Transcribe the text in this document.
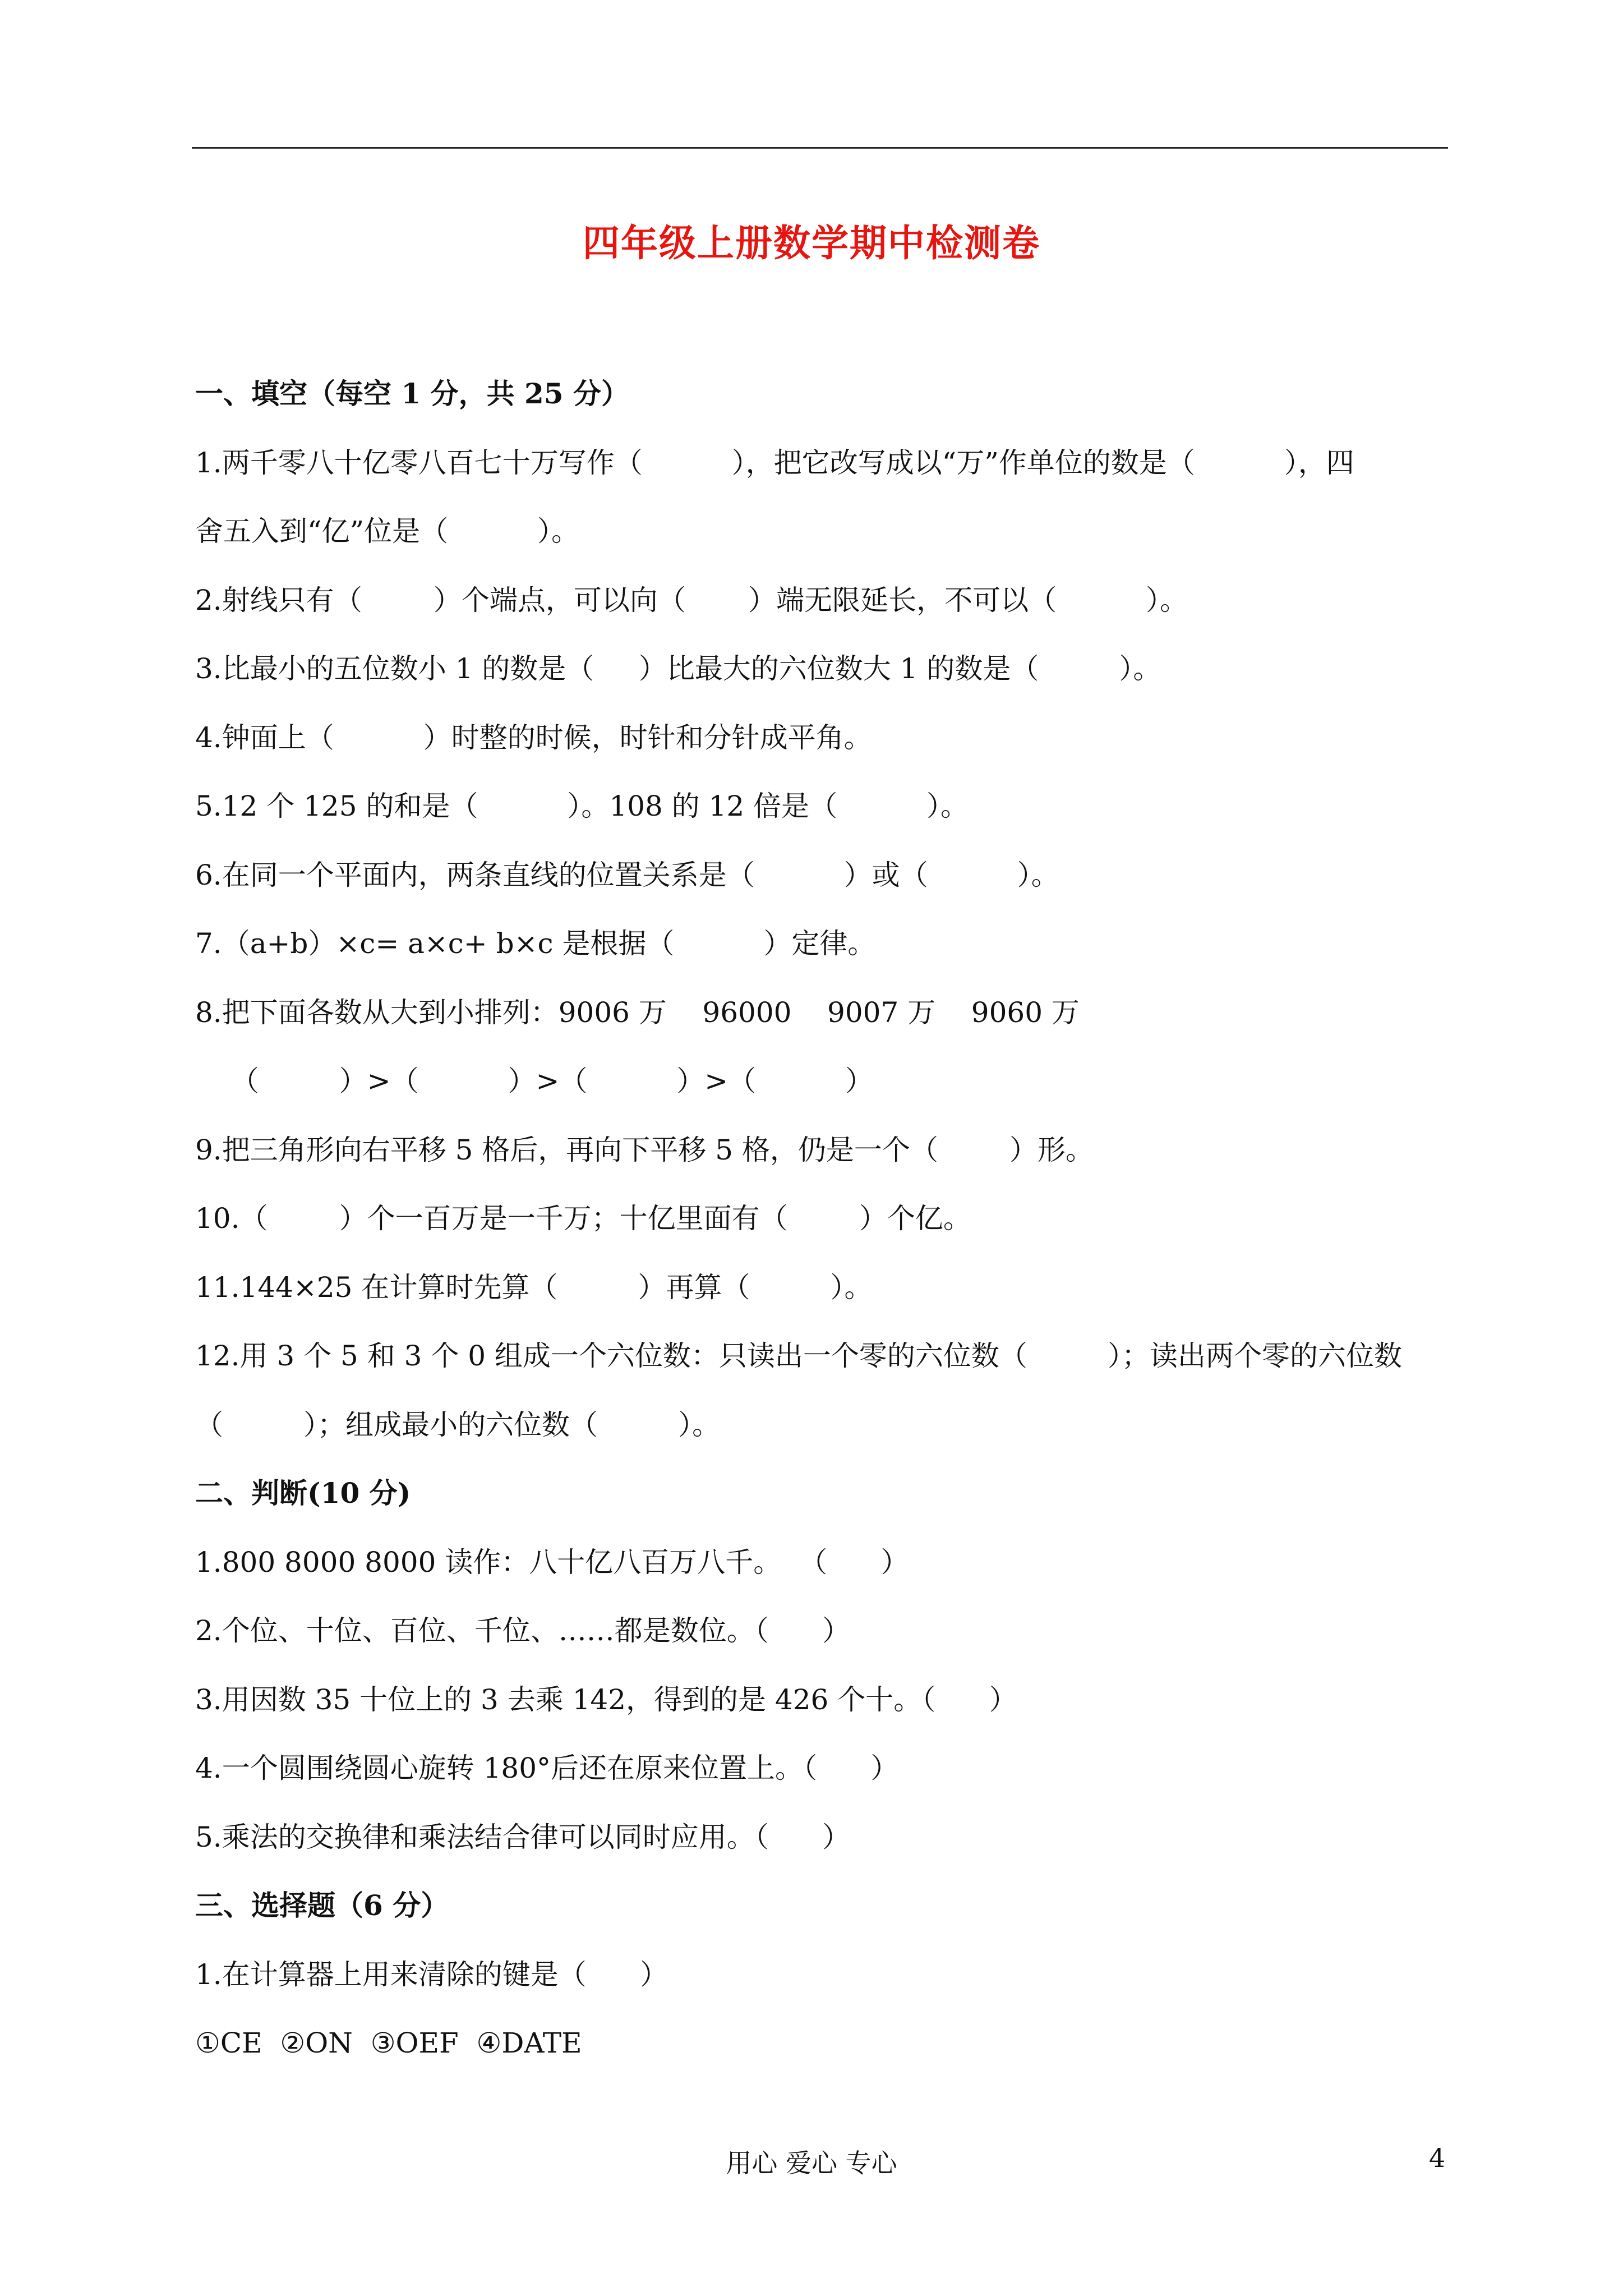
四年级上册数学期中检测卷
一、填空（每空 1 分，共 25 分）
1.两千零八十亿零八百七十万写作（          ），把它改写成以“万”作单位的数是（          ），四
舍五入到“亿”位是（          ）。
2.射线只有（        ）个端点，可以向（       ）端无限延长，不可以（          ）。
3.比最小的五位数小 1 的数是（     ）比最大的六位数大 1 的数是（         ）。
4.钟面上（          ）时整的时候，时针和分针成平角。
5.12 个 125 的和是（          ）。108 的 12 倍是（          ）。
6.在同一个平面内，两条直线的位置关系是（          ）或（          ）。
7.（a+b）×c= a×c+ b×c 是根据（          ）定律。
8.把下面各数从大到小排列：9006 万    96000    9007 万    9060 万
（         ）>（          ）>（          ）>（          ）
9.把三角形向右平移 5 格后，再向下平移 5 格，仍是一个（        ）形。
10.（        ）个一百万是一千万；十亿里面有（        ）个亿。
11.144×25 在计算时先算（         ）再算（         ）。
12.用 3 个 5 和 3 个 0 组成一个六位数：只读出一个零的六位数（         ）；读出两个零的六位数
（         ）；组成最小的六位数（         ）。
二、判断(10 分)
1.800 8000 8000 读作：八十亿八百万八千。  （      ）
2.个位、十位、百位、千位、……都是数位。（      ）
3.用因数 35 十位上的 3 去乘 142，得到的是 426 个十。（      ）
4.一个圆围绕圆心旋转 180°后还在原来位置上。（      ）
5.乘法的交换律和乘法结合律可以同时应用。（      ）
三、选择题（6 分）
1.在计算器上用来清除的键是（      ）
①CE  ②ON  ③OEF  ④DATE
用心 爱心 专心	4
